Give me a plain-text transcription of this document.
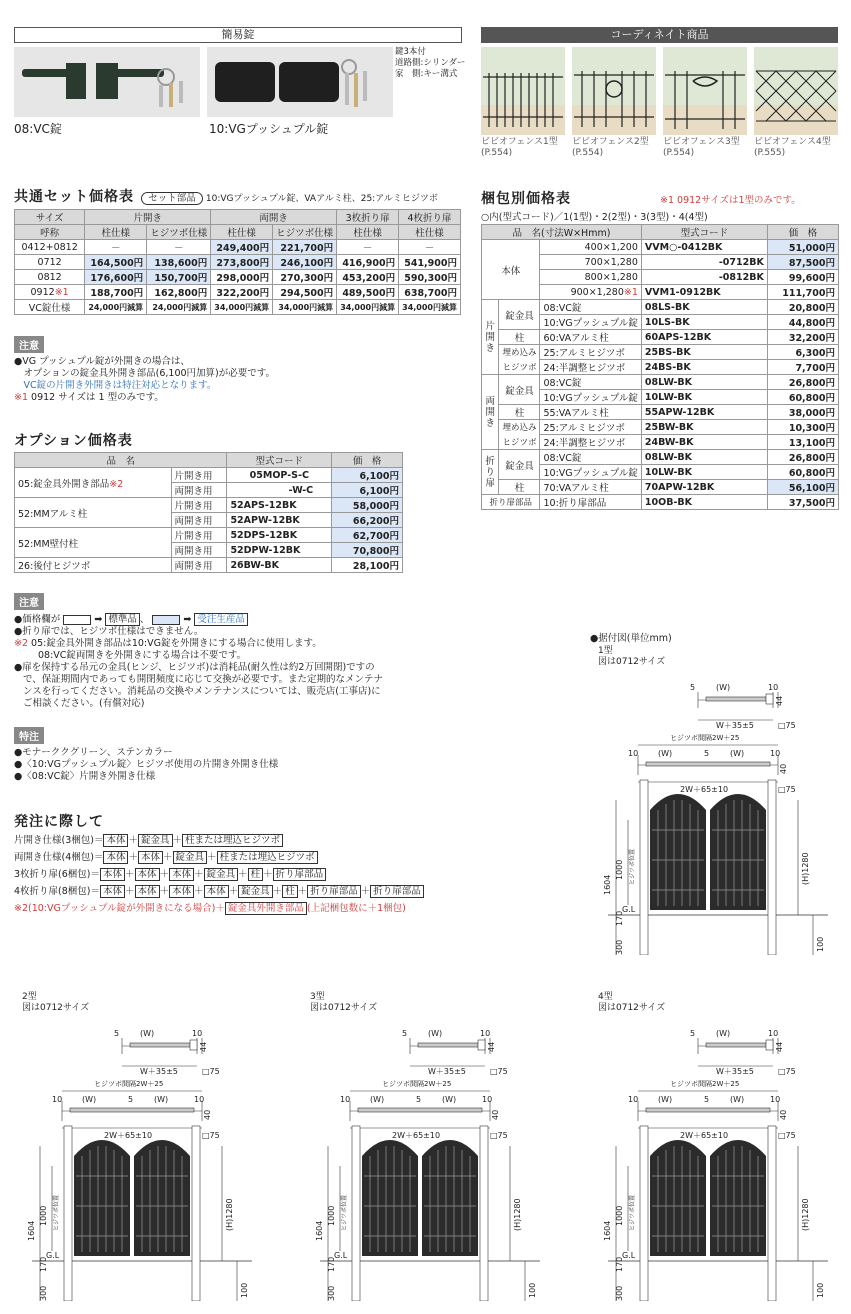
簡易錠
鍵3本付
道路側:シリンダー
家　側:キー溝式
08:VC錠	10:VGプッシュプル錠
コーディネイト商品
ビビオフェンス1型
(P.554)
ビビオフェンス2型
(P.554)
ビビオフェンス3型
(P.554)
ビビオフェンス4型
(P.555)
共通セット価格表 セット部品 10:VGプッシュプル錠、VAアルミ柱、25:アルミヒジツボ
サイズ	片開き		両開き		3枚折り扉	4枚折り扉
呼称	柱仕様	ヒジツボ仕様	柱仕様	ヒジツボ仕様	柱仕様	柱仕様
0412+0812	－	－	249,400円	221,700円	－	－
0712	164,500円	138,600円	273,800円	246,100円	416,900円	541,900円
0812	176,600円	150,700円	298,000円	270,300円	453,200円	590,300円
0912※1	188,700円	162,800円	322,200円	294,500円	489,500円	638,700円
VC錠仕様	24,000円減算	24,000円減算	34,000円減算	34,000円減算	34,000円減算	34,000円減算
注意
●VG プッシュプル錠が外開きの場合は、
　オプションの錠金具外開き部品(6,100円加算)が必要です。
　VC錠の片開き外開きは特注対応となります。
※1 0912 サイズは 1 型のみです。
オプション価格表
品　名		型式コード	価　格
05:錠金具外開き部品※2	片開き用	05MOP-S-C	6,100円
	両開き用	-W-C	6,100円
52:MMアルミ柱	片開き用	52APS-12BK	58,000円
	両開き用	52APW-12BK	66,200円
52:MM壁付柱	片開き用	52DPS-12BK	62,700円
	両開き用	52DPW-12BK	70,800円
26:後付ヒジツボ	両開き用	26BW-BK	28,100円
注意
●価格欄が	➡ 標準品 、	➡ 受注生産品
●折り扉では、ヒジツボ仕様はできません。
※2 05:錠金具外開き部品は10:VG錠を外開きにする場合に使用します。
08:VC錠両開きを外開きにする場合は不要です。
●扉を保持する吊元の金具(ヒンジ、ヒジツボ)は消耗品(耐久性は約2万回開閉)ですの
で、保証期間内であっても開閉頻度に応じて交換が必要です。また定期的なメンテナ
ンスを行ってください。消耗品の交換やメンテナンスについては、販売店(工事店)に
ご相談ください。(有償対応)
特注
●モナーククグリーン、ステンカラー
●〈10:VGプッシュプル錠〉ヒジツボ使用の片開き外開き仕様
●〈08:VC錠〉片開き外開き仕様
発注に際して
片開き仕様(3梱包)＝ 本体 ＋ 錠金具 ＋ 柱または埋込ヒジツボ
両開き仕様(4梱包)＝ 本体 ＋ 本体 ＋ 錠金具 ＋ 柱または埋込ヒジツボ
3枚折り扉(6梱包)＝ 本体 ＋ 本体 ＋ 本体 ＋ 錠金具 ＋ 柱 ＋ 折り扉部品
4枚折り扉(8梱包)＝ 本体 ＋ 本体 ＋ 本体 ＋ 本体 ＋ 錠金具 ＋ 柱 ＋ 折り扉部品 ＋ 折り扉部品
※2(10:VGプッシュプル錠が外開きになる場合)＋ 錠金具外開き部品 (上記梱包数に＋1梱包)
梱包別価格表	※1 0912サイズは1型のみです。
○内(型式コード)／1(1型)・2(2型)・3(3型)・4(4型)
品　名(寸法W×Hmm)			型式コード	価　格
本体		400×1,200	VVM○-0412BK	51,000円
		700×1,280	-0712BK	87,500円
		800×1,280	-0812BK	99,600円
		900×1,280※1	VVM1-0912BK	111,700円
片開き	錠金具	08:VC錠	08LS-BK	20,800円
		10:VGプッシュプル錠	10LS-BK	44,800円
	柱	60:VAアルミ柱	60APS-12BK	32,200円
	埋め込み	25:アルミヒジツボ	25BS-BK	6,300円
	ヒジツボ	24:半調整ヒジツボ	24BS-BK	7,700円
両開き	錠金具	08:VC錠	08LW-BK	26,800円
		10:VGプッシュプル錠	10LW-BK	60,800円
	柱	55:VAアルミ柱	55APW-12BK	38,000円
	埋め込み	25:アルミヒジツボ	25BW-BK	10,300円
	ヒジツボ	24:半調整ヒジツボ	24BW-BK	13,100円
折り扉	錠金具	08:VC錠	08LW-BK	26,800円
		10:VGプッシュプル錠	10LW-BK	60,800円
	柱	70:VAアルミ柱	70APW-12BK	56,100円
折り扉部品		10:折り扉部品	10OB-BK	37,500円
●据付図(単位mm)
1型
図は0712サイズ
(W)
5	10
44
W＋35±5	□75
ヒジツボ間隔2W＋25
10 (W)	5	(W)	10
40
2W＋65±10	□75
1604
1000 ヒジツボ位置
300
170
G.L
(H)1280
100
2型
図は0712サイズ
(W)
5	10
44
W＋35±5	□75
ヒジツボ間隔2W＋25
10 (W)	5	(W)	10
40
2W＋65±10	□75
1604
1000 ヒジツボ位置
300
170
G.L
(H)1280
100
3型
図は0712サイズ
(W)
5	10
44
W＋35±5	□75
ヒジツボ間隔2W＋25
10 (W)	5	(W)	10
40
2W＋65±10	□75
1604
1000 ヒジツボ位置
300
170
G.L
(H)1280
100
4型
図は0712サイズ
(W)
5	10
44
W＋35±5	□75
ヒジツボ間隔2W＋25
10 (W)	5	(W)	10
40
2W＋65±10	□75
1604
1000 ヒジツボ位置
300
170
G.L
(H)1280
100
